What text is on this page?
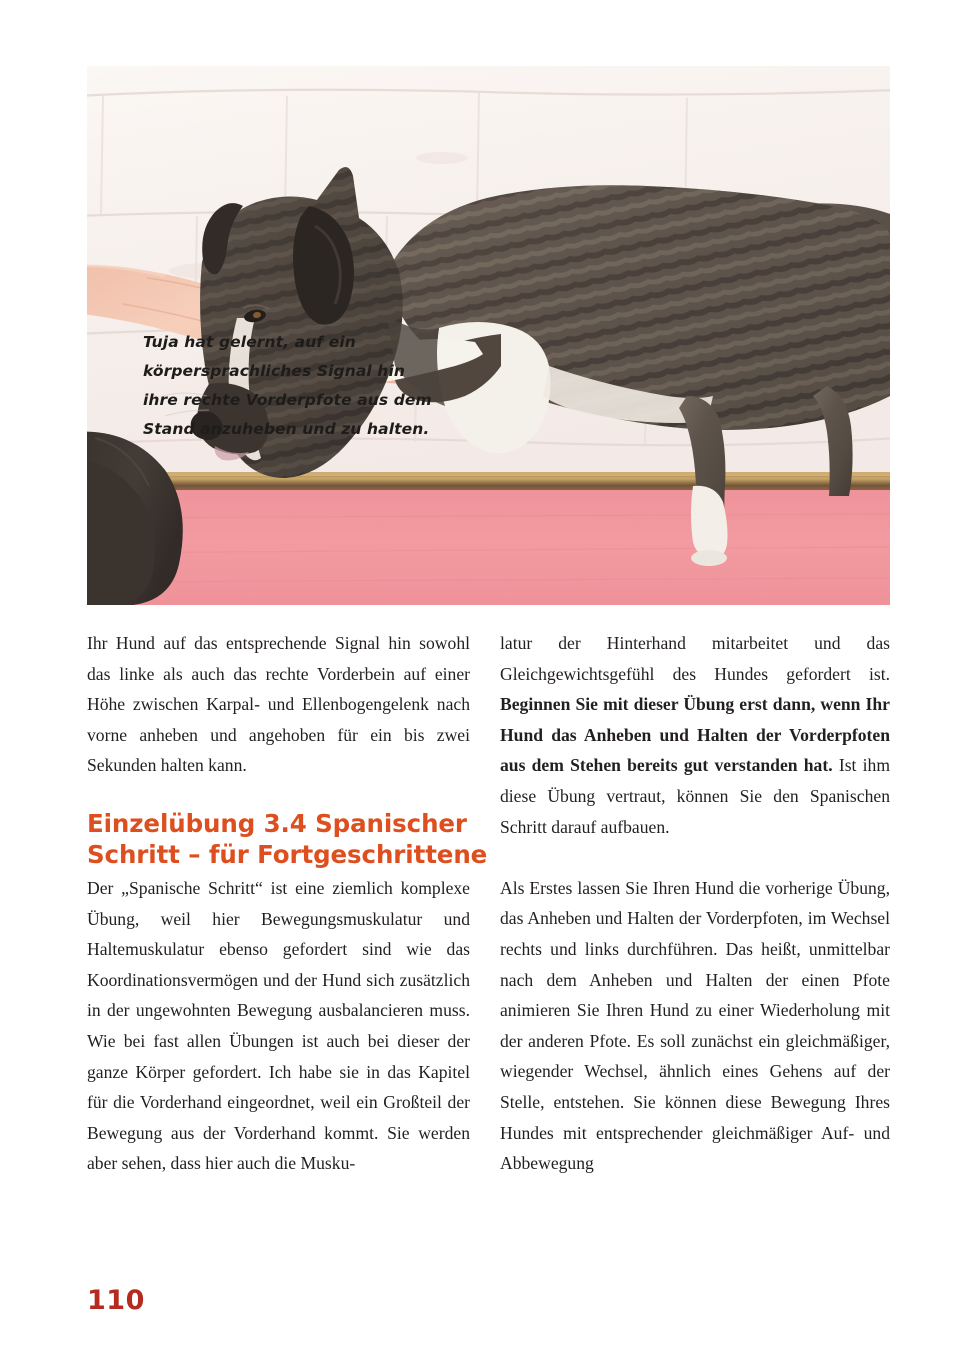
Tuja hat gelernt, auf ein
körpersprachliches Signal hin
ihre rechte Vorderpfote aus dem
Stand anzuheben und zu halten.

Ihr Hund auf das entsprechende Signal hin sowohl das linke als auch das rechte Vorderbein auf einer Höhe zwischen Karpal- und Ellenbogengelenk nach vorne anheben und angehoben für ein bis zwei Sekunden halten kann.

Einzelübung 3.4 Spanischer
Schritt – für Fortgeschrittene

Der „Spanische Schritt“ ist eine ziemlich komplexe Übung, weil hier Bewegungsmuskulatur und Haltemuskulatur ebenso gefordert sind wie das Koordinationsvermögen und der Hund sich zusätzlich in der ungewohnten Bewegung ausbalancieren muss. Wie bei fast allen Übungen ist auch bei dieser der ganze Körper gefordert. Ich habe sie in das Kapitel für die Vorderhand eingeordnet, weil ein Großteil der Bewegung aus der Vorderhand kommt. Sie werden aber sehen, dass hier auch die Musku-

latur der Hinterhand mitarbeitet und das Gleichgewichtsgefühl des Hundes gefordert ist. Beginnen Sie mit dieser Übung erst dann, wenn Ihr Hund das Anheben und Halten der Vorderpfoten aus dem Stehen bereits gut verstanden hat. Ist ihm diese Übung vertraut, können Sie den Spanischen Schritt darauf aufbauen.

Als Erstes lassen Sie Ihren Hund die vorherige Übung, das Anheben und Halten der Vorderpfoten, im Wechsel rechts und links durchführen. Das heißt, unmittelbar nach dem Anheben und Halten der einen Pfote animieren Sie Ihren Hund zu einer Wiederholung mit der anderen Pfote. Es soll zunächst ein gleichmäßiger, wiegender Wechsel, ähnlich eines Gehens auf der Stelle, entstehen. Sie können diese Bewegung Ihres Hundes mit entsprechender gleichmäßiger Auf- und Abbewegung

110
